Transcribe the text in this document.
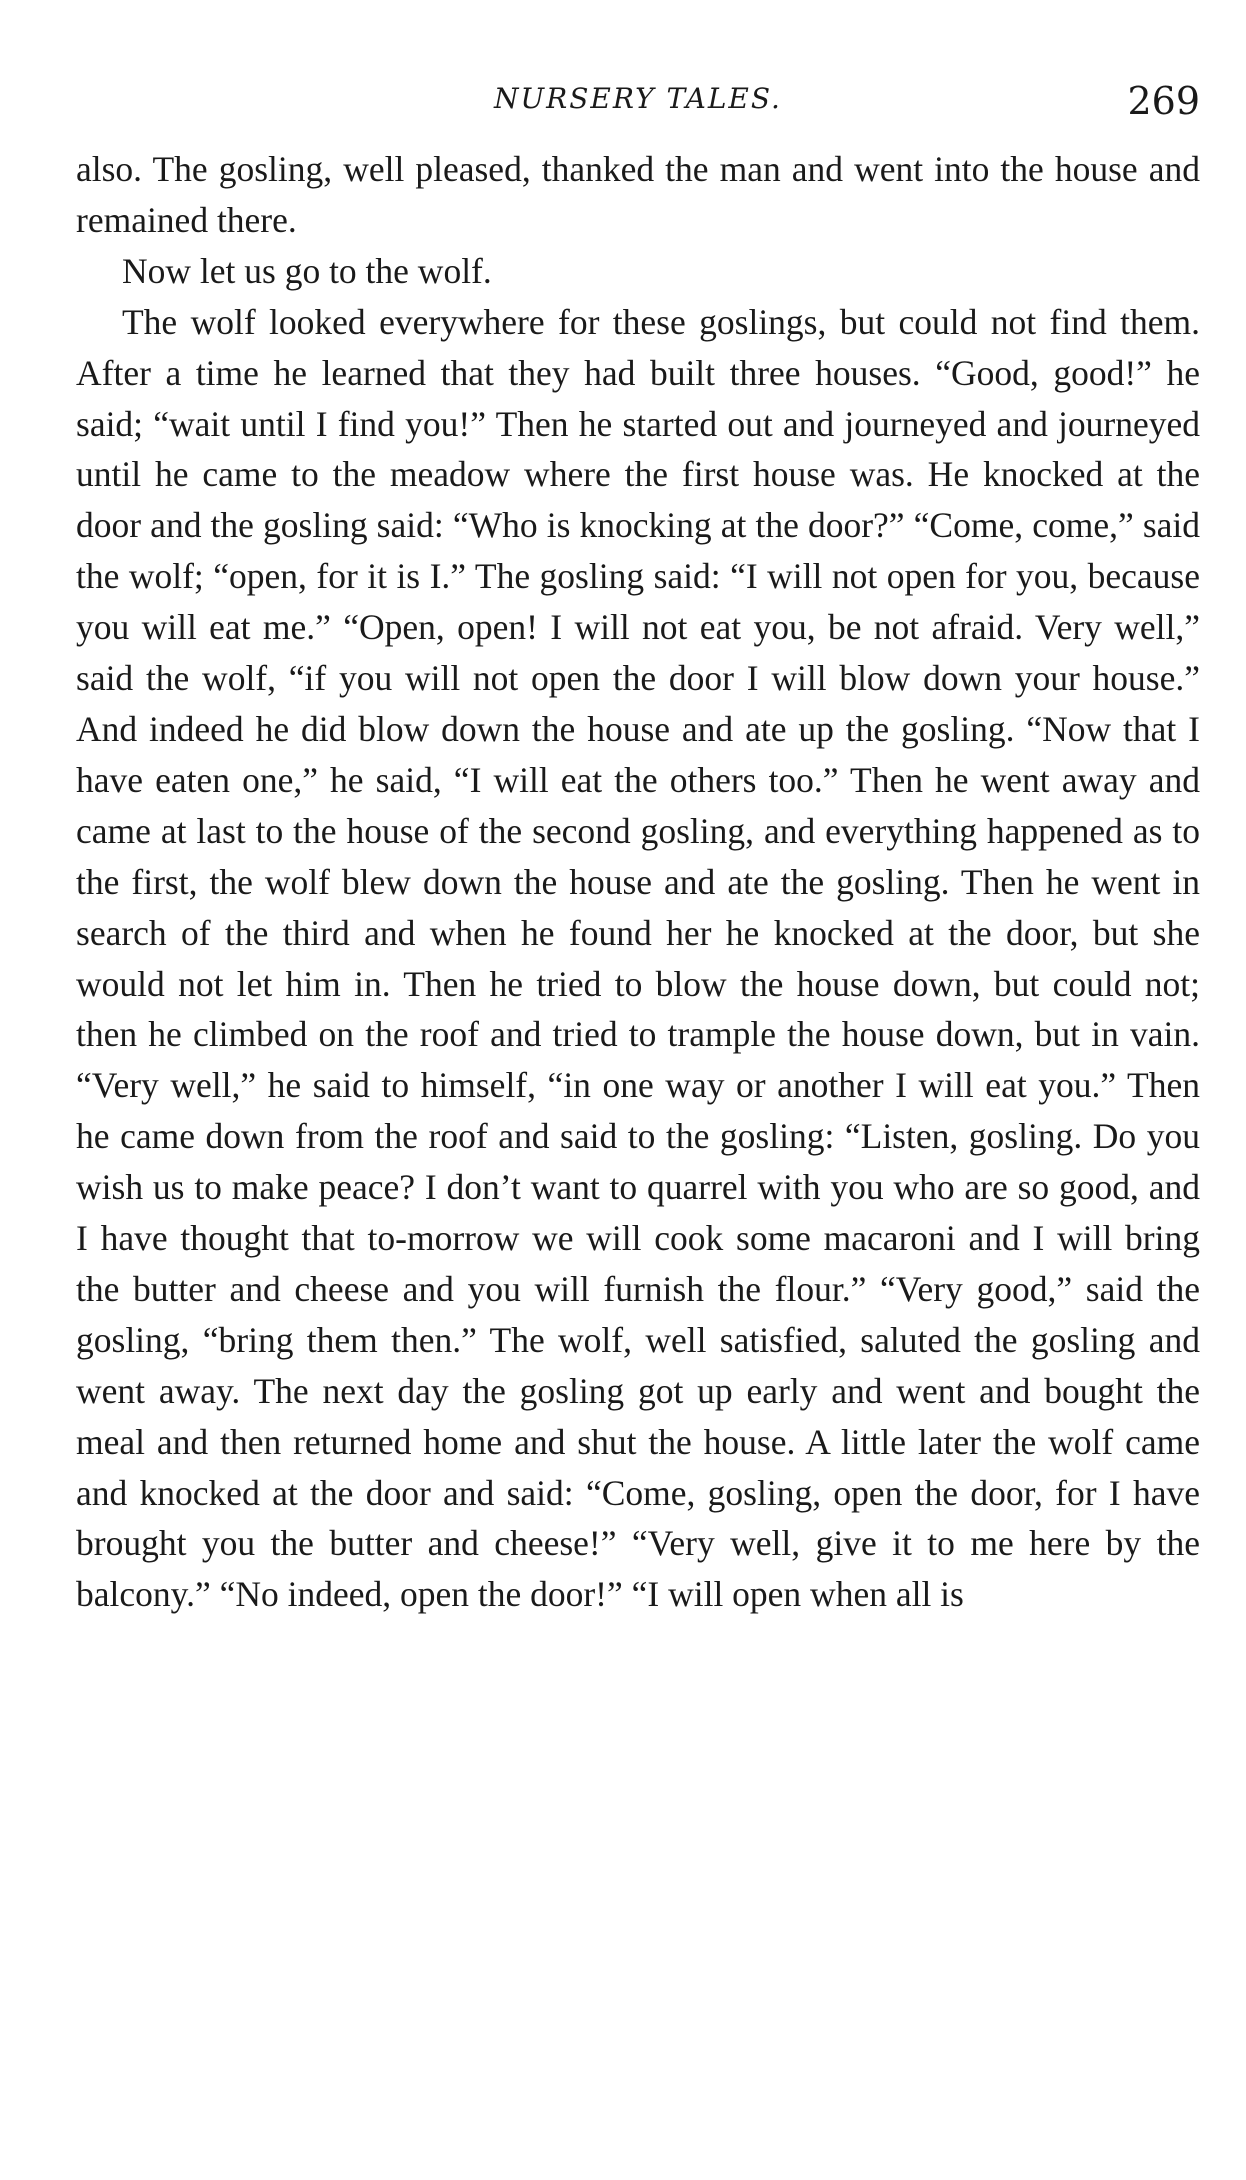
NURSERY TALES.	269

also. The gosling, well pleased, thanked the man and went into the house and remained there.

Now let us go to the wolf.

The wolf looked everywhere for these goslings, but could not find them. After a time he learned that they had built three houses. “Good, good!” he said; “wait until I find you!” Then he started out and journeyed and journeyed until he came to the meadow where the first house was. He knocked at the door and the gosling said: “Who is knocking at the door?” “Come, come,” said the wolf; “open, for it is I.” The gosling said: “I will not open for you, because you will eat me.” “Open, open! I will not eat you, be not afraid. Very well,” said the wolf, “if you will not open the door I will blow down your house.” And indeed he did blow down the house and ate up the gosling. “Now that I have eaten one,” he said, “I will eat the others too.” Then he went away and came at last to the house of the second gosling, and everything happened as to the first, the wolf blew down the house and ate the gosling. Then he went in search of the third and when he found her he knocked at the door, but she would not let him in. Then he tried to blow the house down, but could not; then he climbed on the roof and tried to trample the house down, but in vain. “Very well,” he said to himself, “in one way or another I will eat you.” Then he came down from the roof and said to the gosling: “Listen, gosling. Do you wish us to make peace? I don’t want to quarrel with you who are so good, and I have thought that to-morrow we will cook some macaroni and I will bring the butter and cheese and you will furnish the flour.” “Very good,” said the gosling, “bring them then.” The wolf, well satisfied, saluted the gosling and went away. The next day the gosling got up early and went and bought the meal and then returned home and shut the house. A little later the wolf came and knocked at the door and said: “Come, gosling, open the door, for I have brought you the butter and cheese!” “Very well, give it to me here by the balcony.” “No indeed, open the door!” “I will open when all is
